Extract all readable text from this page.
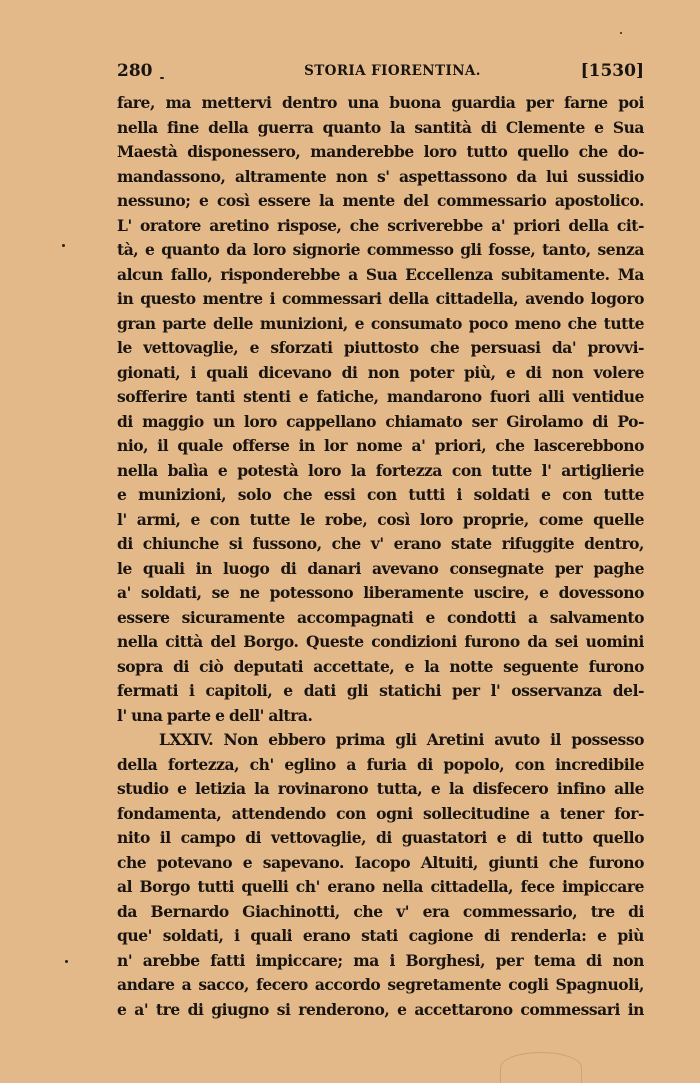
280	STORIA FIORENTINA.	[1530]
fare, ma mettervi dentro una buona guardia per farne poi
nella fine della guerra quanto la santità di Clemente e Sua
Maestà disponessero, manderebbe loro tutto quello che do-
mandassono, altramente non s' aspettassono da lui sussidio
nessuno; e così essere la mente del commessario apostolico.
L' oratore aretino rispose, che scriverebbe a' priori della cit-
tà, e quanto da loro signorie commesso gli fosse, tanto, senza
alcun fallo, risponderebbe a Sua Eccellenza subitamente. Ma
in questo mentre i commessari della cittadella, avendo logoro
gran parte delle munizioni, e consumato poco meno che tutte
le vettovaglie, e sforzati piuttosto che persuasi da' provvi-
gionati, i quali dicevano di non poter più, e di non volere
sofferire tanti stenti e fatiche, mandarono fuori alli ventidue
di maggio un loro cappellano chiamato ser Girolamo di Po-
nio, il quale offerse in lor nome a' priori, che lascerebbono
nella balìa e potestà loro la fortezza con tutte l' artiglierie
e munizioni, solo che essi con tutti i soldati e con tutte
l' armi, e con tutte le robe, così loro proprie, come quelle
di chiunche si fussono, che v' erano state rifuggite dentro,
le quali in luogo di danari avevano consegnate per paghe
a' soldati, se ne potessono liberamente uscire, e dovessono
essere sicuramente accompagnati e condotti a salvamento
nella città del Borgo. Queste condizioni furono da sei uomini
sopra di ciò deputati accettate, e la notte seguente furono
fermati i capitoli, e dati gli statichi per l' osservanza del-
l' una parte e dell' altra.
LXXIV. Non ebbero prima gli Aretini avuto il possesso
della fortezza, ch' eglino a furia di popolo, con incredibile
studio e letizia la rovinarono tutta, e la disfecero infino alle
fondamenta, attendendo con ogni sollecitudine a tener for-
nito il campo di vettovaglie, di guastatori e di tutto quello
che potevano e sapevano. Iacopo Altuiti, giunti che furono
al Borgo tutti quelli ch' erano nella cittadella, fece impiccare
da Bernardo Giachinotti, che v' era commessario, tre di
que' soldati, i quali erano stati cagione di renderla: e più
n' arebbe fatti impiccare; ma i Borghesi, per tema di non
andare a sacco, fecero accordo segretamente cogli Spagnuoli,
e a' tre di giugno si renderono, e accettarono commessari in
